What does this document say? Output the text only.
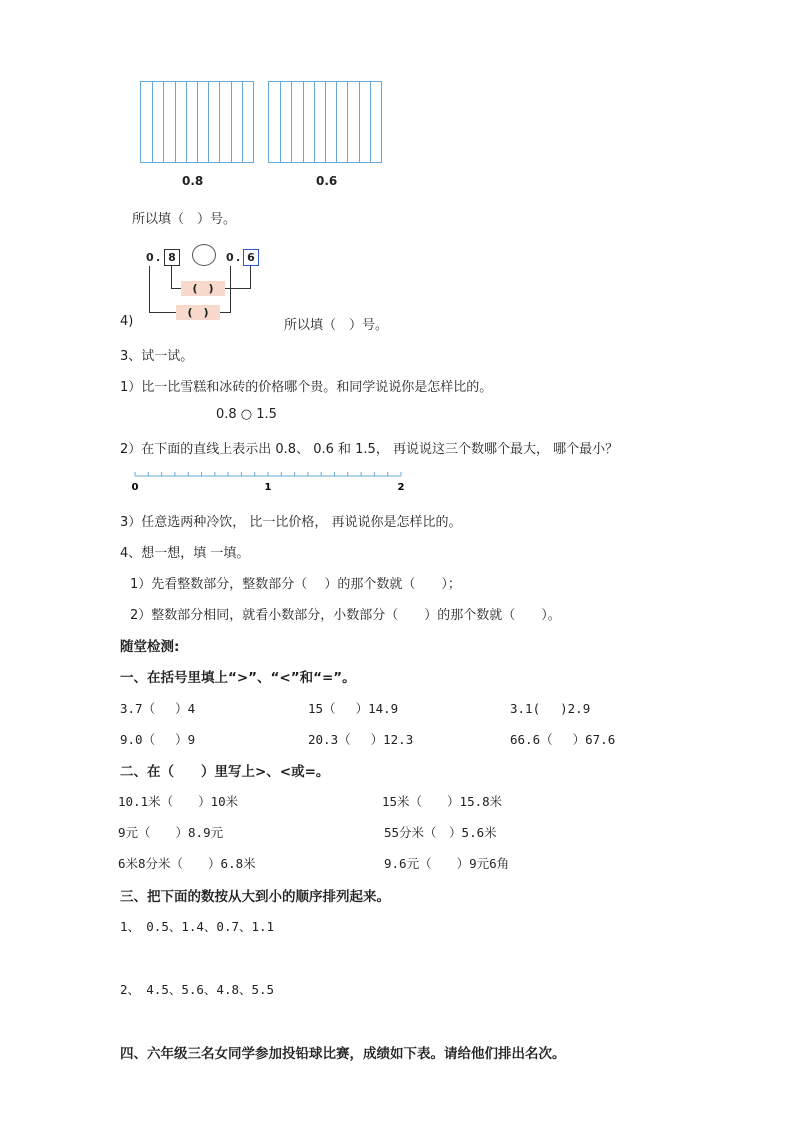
0.8	0.6
所以填（　）号。
0 . 8	0 . 6
(　)
(　)
4)	所以填（　）号。
3、试一试。
1）比一比雪糕和冰砖的价格哪个贵。和同学说说你是怎样比的。
0.8 ○ 1.5
2）在下面的直线上表示出 0.8、 0.6 和 1.5， 再说说这三个数哪个最大， 哪个最小？
0	1	2
3）任意选两种冷饮， 比一比价格， 再说说你是怎样比的。
4、想一想，填 一填。
1）先看整数部分，整数部分（　 ）的那个数就（　　）；
2）整数部分相同，就看小数部分，小数部分（　　）的那个数就（　　）。
随堂检测:
一、在括号里填上“>”、“<”和“=”。
3.7（　 ）4	15（　 ）14.9	3.1(　 )2.9
9.0（　 ）9	20.3（　 ）12.3	66.6（　 ）67.6
二、在（　　）里写上>、<或=。
10.1米（　　）10米	15米（　　）15.8米
9元（　　）8.9元	55分米（　）5.6米
6米8分米（　　）6.8米	9.6元（　　）9元6角
三、把下面的数按从大到小的顺序排列起来。
1、　0.5、1.4、0.7、1.1
2、　4.5、5.6、4.8、5.5
四、六年级三名女同学参加投铅球比赛，成绩如下表。请给他们排出名次。
